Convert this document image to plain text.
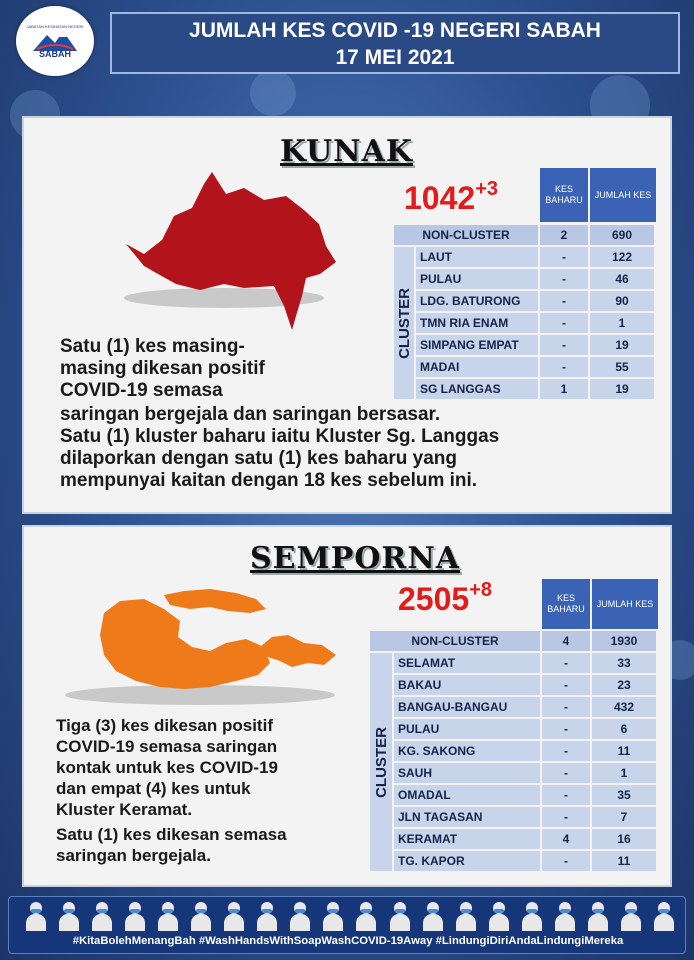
JABATAN KESIHATAN NEGERI
SABAH
JUMLAH KES COVID -19 NEGERI SABAH
17 MEI 2021
KUNAK
$1042^{+3}$	KES BAHARU
JUMLAH KES
NON-CLUSTER	2	690
CLUSTER
LAUT	-	122
PULAU	-	46
LDG. BATURONG	-	90
TMN RIA ENAM	-	1
SIMPANG EMPAT	-	19
MADAI	-	55
SG LANGGAS	1	19
Satu (1) kes masing-
masing dikesan positif
COVID-19 semasa
saringan bergejala dan saringan bersasar.
Satu (1) kluster baharu iaitu Kluster Sg. Langgas
dilaporkan dengan satu (1) kes baharu yang
mempunyai kaitan dengan 18 kes sebelum ini.
SEMPORNA
$2505^{+8}$	KES BAHARU
JUMLAH KES
NON-CLUSTER	4	1930
CLUSTER
SELAMAT	-	33
BAKAU	-	23
BANGAU-BANGAU	-	432
PULAU	-	6
KG. SAKONG	-	11
SAUH	-	1
OMADAL	-	35
JLN TAGASAN	-	7
KERAMAT	4	16
TG. KAPOR	-	11
Tiga (3) kes dikesan positif
COVID-19 semasa saringan
kontak untuk kes COVID-19
dan empat (4) kes untuk
Kluster Keramat.
Satu (1) kes dikesan semasa
saringan bergejala.
#KitaBolehMenangBah #WashHandsWithSoapWashCOVID-19Away #LindungiDiriAndaLindungiMereka
